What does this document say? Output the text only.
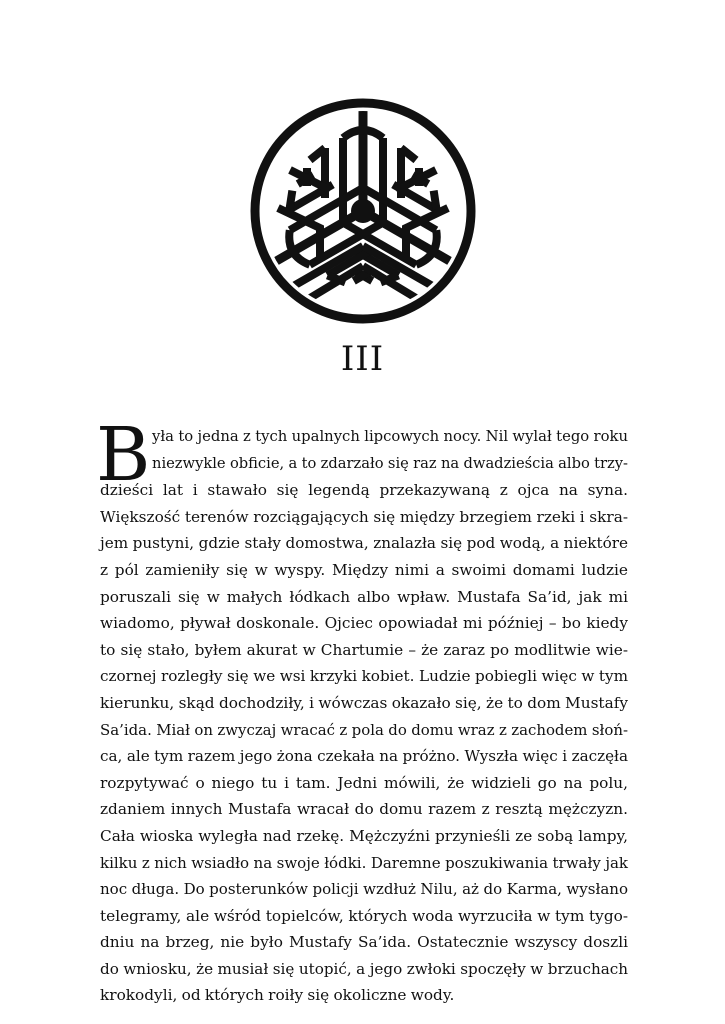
III
B yła to jedna z tych upalnych lipcowych nocy. Nil wylał tego roku
niezwykle obficie, a to zdarzało się raz na dwadzieścia albo trzy-
dzieści lat i stawało się legendą przekazywaną z ojca na syna.
Większość terenów rozciągających się między brzegiem rzeki i skra-
jem pustyni, gdzie stały domostwa, znalazła się pod wodą, a niektóre
z pól zamieniły się w wyspy. Między nimi a swoimi domami ludzie
poruszali się w małych łódkach albo wpław. Mustafa Sa’id, jak mi
wiadomo, pływał doskonale. Ojciec opowiadał mi później – bo kiedy
to się stało, byłem akurat w Chartumie – że zaraz po modlitwie wie-
czornej rozległy się we wsi krzyki kobiet. Ludzie pobiegli więc w tym
kierunku, skąd dochodziły, i wówczas okazało się, że to dom Mustafy
Sa’ida. Miał on zwyczaj wracać z pola do domu wraz z zachodem słoń-
ca, ale tym razem jego żona czekała na próżno. Wyszła więc i zaczęła
rozpytywać o niego tu i tam. Jedni mówili, że widzieli go na polu,
zdaniem innych Mustafa wracał do domu razem z resztą mężczyzn.
Cała wioska wyległa nad rzekę. Mężczyźni przynieśli ze sobą lampy,
kilku z nich wsiadło na swoje łódki. Daremne poszukiwania trwały jak
noc długa. Do posterunków policji wzdłuż Nilu, aż do Karma, wysłano
telegramy, ale wśród topielców, których woda wyrzuciła w tym tygo-
dniu na brzeg, nie było Mustafy Sa’ida. Ostatecznie wszyscy doszli
do wniosku, że musiał się utopić, a jego zwłoki spoczęły w brzuchach
krokodyli, od których roiły się okoliczne wody.
